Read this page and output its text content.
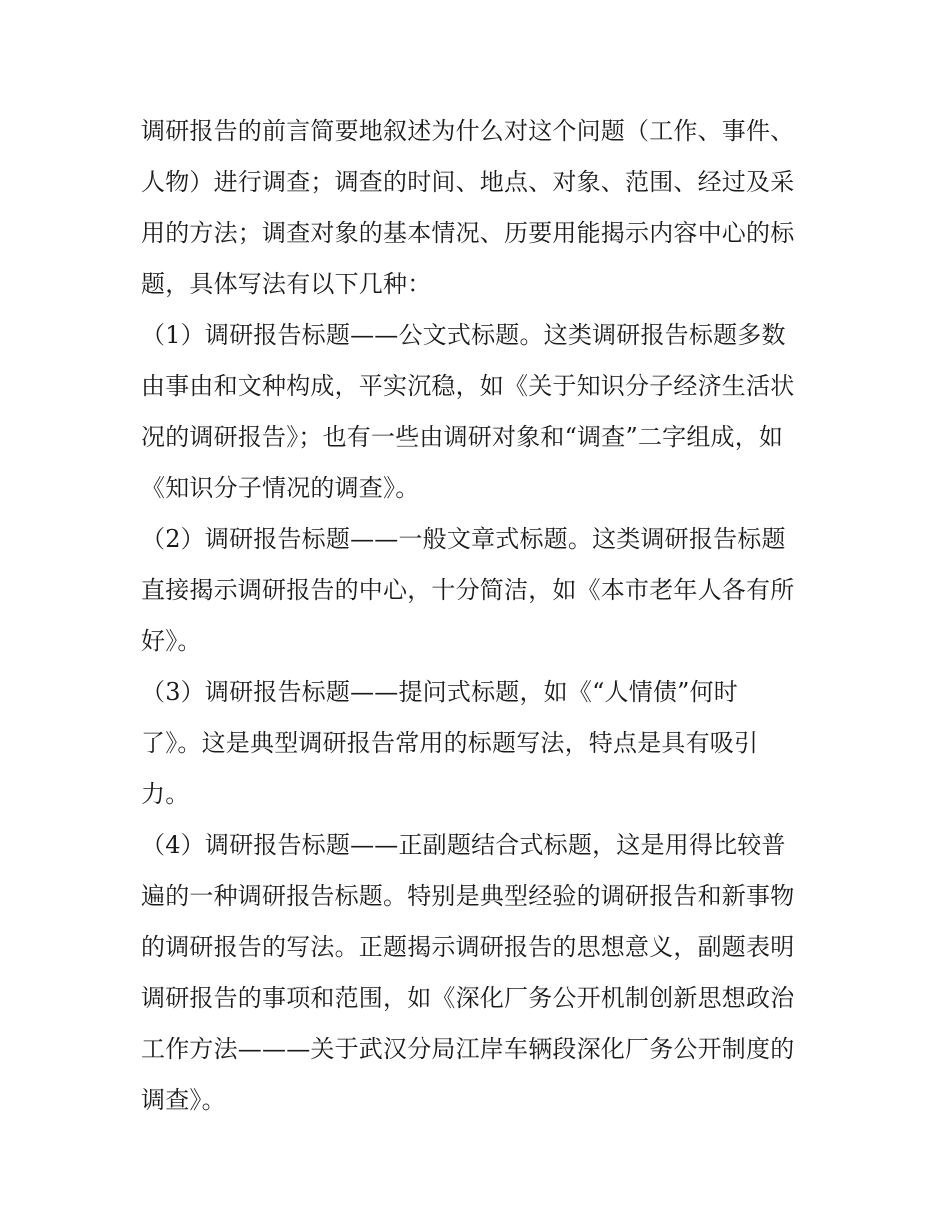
调研报告的前言简要地叙述为什么对这个问题（工作、事件、
人物）进行调查；调查的时间、地点、对象、范围、经过及采
用的方法；调查对象的基本情况、历要用能揭示内容中心的标
题，具体写法有以下几种：
（1）调研报告标题——公文式标题。这类调研报告标题多数
由事由和文种构成，平实沉稳，如《关于知识分子经济生活状
况的调研报告》；也有一些由调研对象和“调查”二字组成，如
《知识分子情况的调查》。
（2）调研报告标题——一般文章式标题。这类调研报告标题
直接揭示调研报告的中心，十分简洁，如《本市老年人各有所
好》。
（3）调研报告标题——提问式标题，如《“人情债”何时
了》。这是典型调研报告常用的标题写法，特点是具有吸引
力。
（4）调研报告标题——正副题结合式标题，这是用得比较普
遍的一种调研报告标题。特别是典型经验的调研报告和新事物
的调研报告的写法。正题揭示调研报告的思想意义，副题表明
调研报告的事项和范围，如《深化厂务公开机制创新思想政治
工作方法———关于武汉分局江岸车辆段深化厂务公开制度的
调查》。
